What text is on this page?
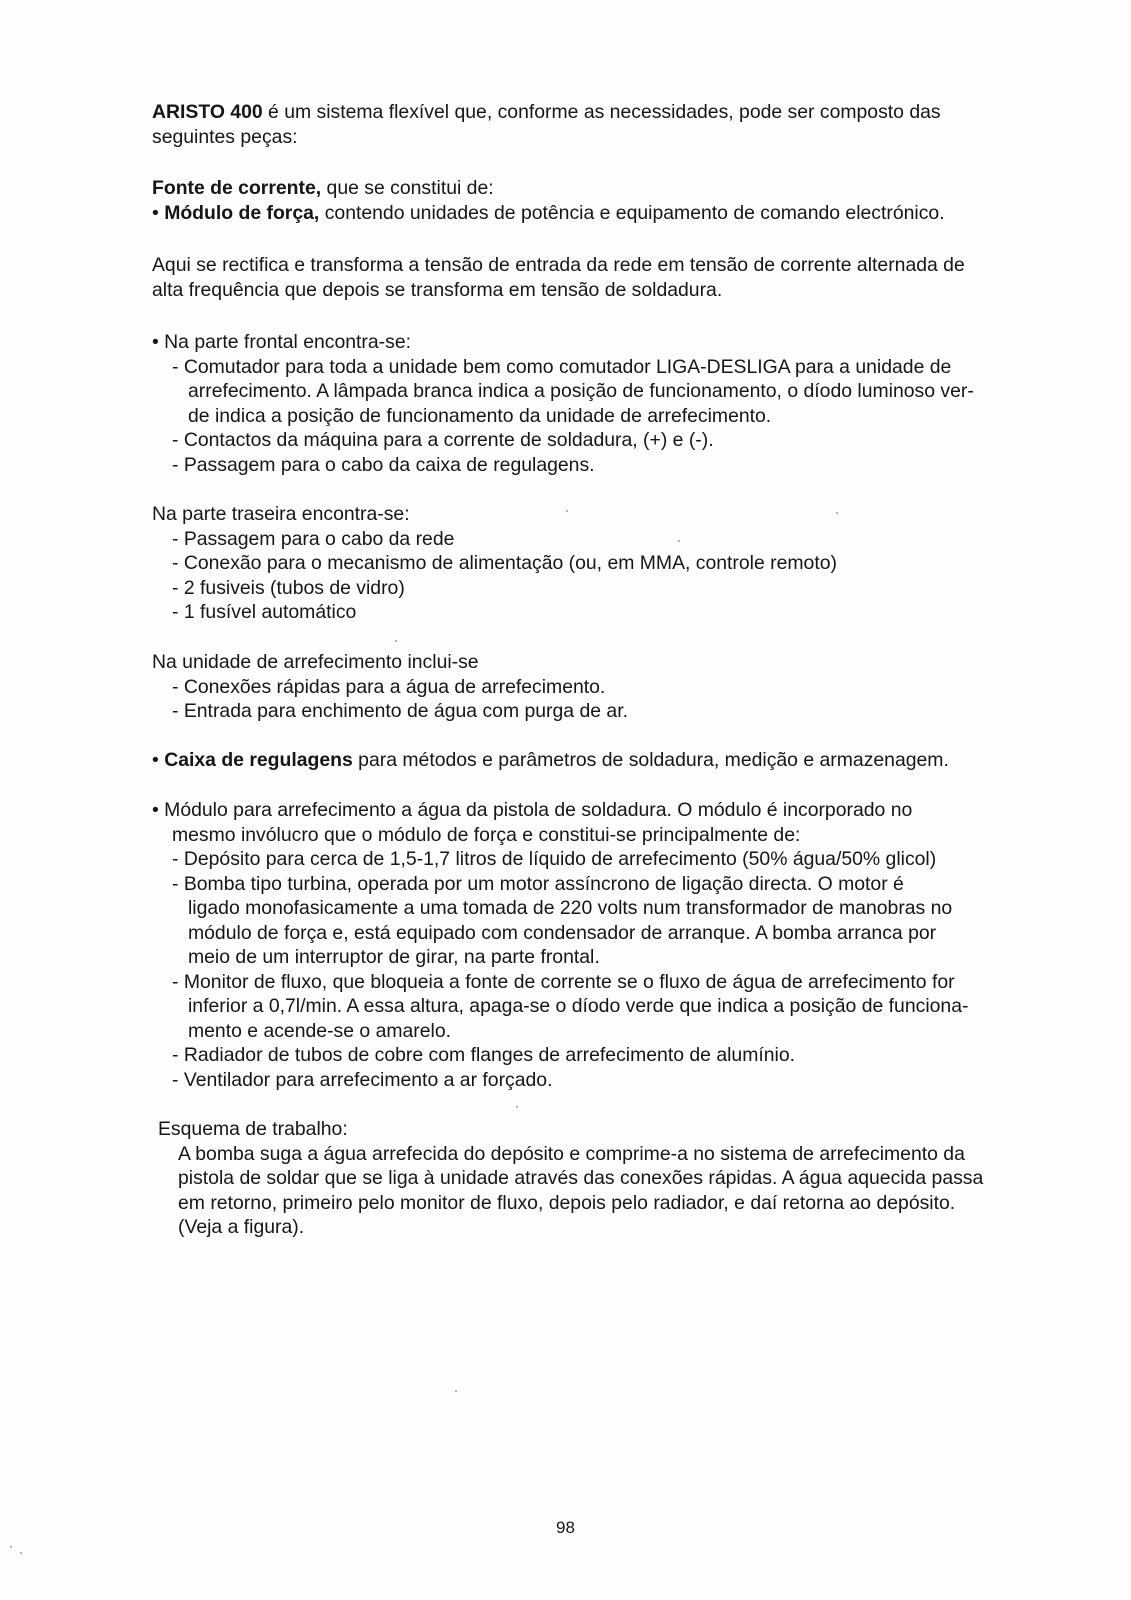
ARISTO 400 é um sistema flexível que, conforme as necessidades, pode ser composto das
seguintes peças:
Fonte de corrente, que se constitui de:
• Módulo de força, contendo unidades de potência e equipamento de comando electrónico.
Aqui se rectifica e transforma a tensão de entrada da rede em tensão de corrente alternada de
alta frequência que depois se transforma em tensão de soldadura.
• Na parte frontal encontra-se:
- Comutador para toda a unidade bem como comutador LIGA-DESLIGA para a unidade de
arrefecimento. A lâmpada branca indica a posição de funcionamento, o díodo luminoso ver-
de indica a posição de funcionamento da unidade de arrefecimento.
- Contactos da máquina para a corrente de soldadura, (+) e (-).
- Passagem para o cabo da caixa de regulagens.
Na parte traseira encontra-se:
- Passagem para o cabo da rede
- Conexão para o mecanismo de alimentação (ou, em MMA, controle remoto)
- 2 fusiveis (tubos de vidro)
- 1 fusível automático
Na unidade de arrefecimento inclui-se
- Conexões rápidas para a água de arrefecimento.
- Entrada para enchimento de água com purga de ar.
• Caixa de regulagens para métodos e parâmetros de soldadura, medição e armazenagem.
• Módulo para arrefecimento a água da pistola de soldadura. O módulo é incorporado no
mesmo invólucro que o módulo de força e constitui-se principalmente de:
- Depósito para cerca de 1,5-1,7 litros de líquido de arrefecimento (50% água/50% glicol)
- Bomba tipo turbina, operada por um motor assíncrono de ligação directa. O motor é
ligado monofasicamente a uma tomada de 220 volts num transformador de manobras no
módulo de força e, está equipado com condensador de arranque. A bomba arranca por
meio de um interruptor de girar, na parte frontal.
- Monitor de fluxo, que bloqueia a fonte de corrente se o fluxo de água de arrefecimento for
inferior a 0,7l/min. A essa altura, apaga-se o díodo verde que indica a posição de funciona-
mento e acende-se o amarelo.
- Radiador de tubos de cobre com flanges de arrefecimento de alumínio.
- Ventilador para arrefecimento a ar forçado.
Esquema de trabalho:
A bomba suga a água arrefecida do depósito e comprime-a no sistema de arrefecimento da
pistola de soldar que se liga à unidade através das conexões rápidas. A água aquecida passa
em retorno, primeiro pelo monitor de fluxo, depois pelo radiador, e daí retorna ao depósito.
(Veja a figura).
98
